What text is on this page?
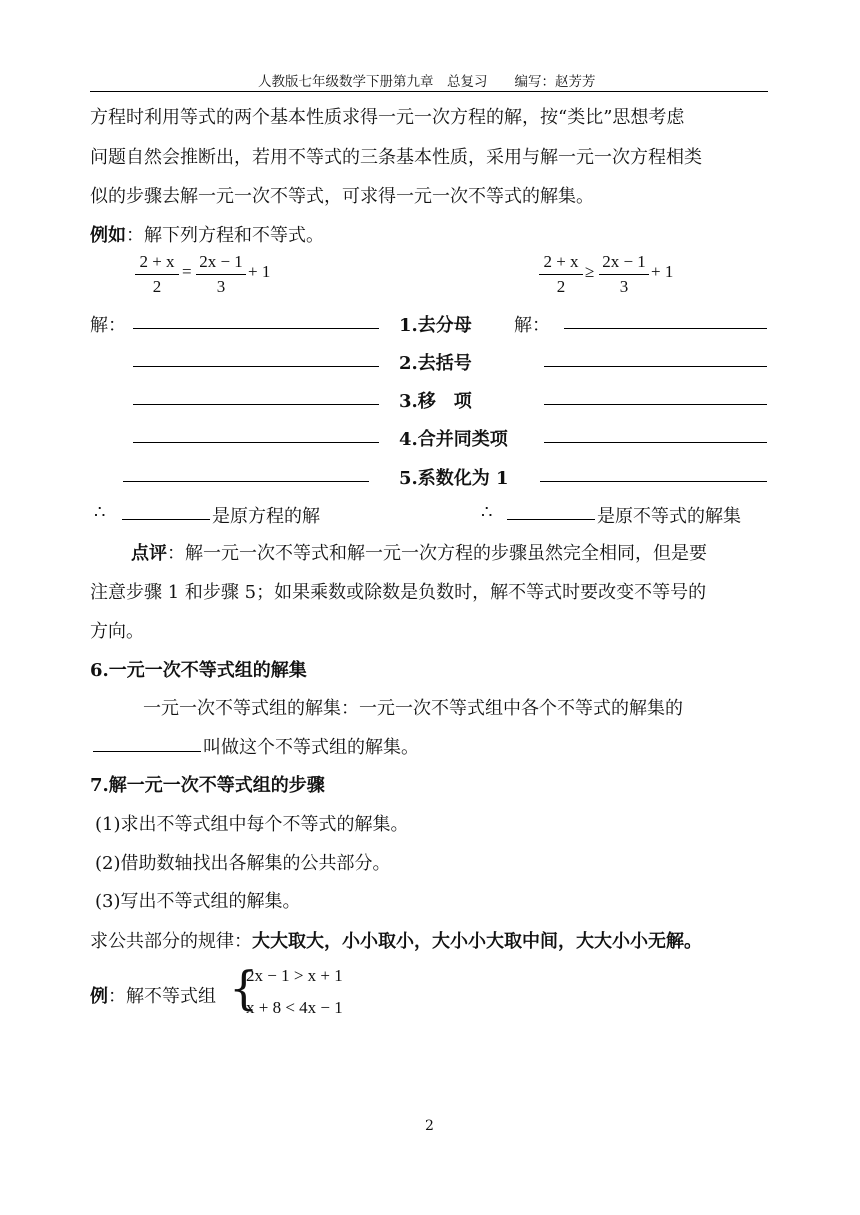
人教版七年级数学下册第九章　总复习　　编写：赵芳芳
方程时利用等式的两个基本性质求得一元一次方程的解，按“类比”思想考虑
问题自然会推断出，若用不等式的三条基本性质，采用与解一元一次方程相类
似的步骤去解一元一次不等式，可求得一元一次不等式的解集。
例如：解下列方程和不等式。
2 + x
2
=
2x − 1
3
+ 1
2 + x
2
≥
2x − 1
3
+ 1
解：	解：
1.去分母
2.去括号
3.移　项
4.合并同类项
5.系数化为 1
∴	是原方程的解	∴	是原不等式的解集
点评：解一元一次不等式和解一元一次方程的步骤虽然完全相同，但是要
注意步骤 1 和步骤 5；如果乘数或除数是负数时，解不等式时要改变不等号的
方向。
6.一元一次不等式组的解集
一元一次不等式组的解集：一元一次不等式组中各个不等式的解集的
叫做这个不等式组的解集。
7.解一元一次不等式组的步骤
(1)求出不等式组中每个不等式的解集。
(2)借助数轴找出各解集的公共部分。
(3)写出不等式组的解集。
求公共部分的规律：大大取大，小小取小，大小小大取中间，大大小小无解。
例：解不等式组 {
2x − 1 > x + 1
x + 8 < 4x − 1
2
